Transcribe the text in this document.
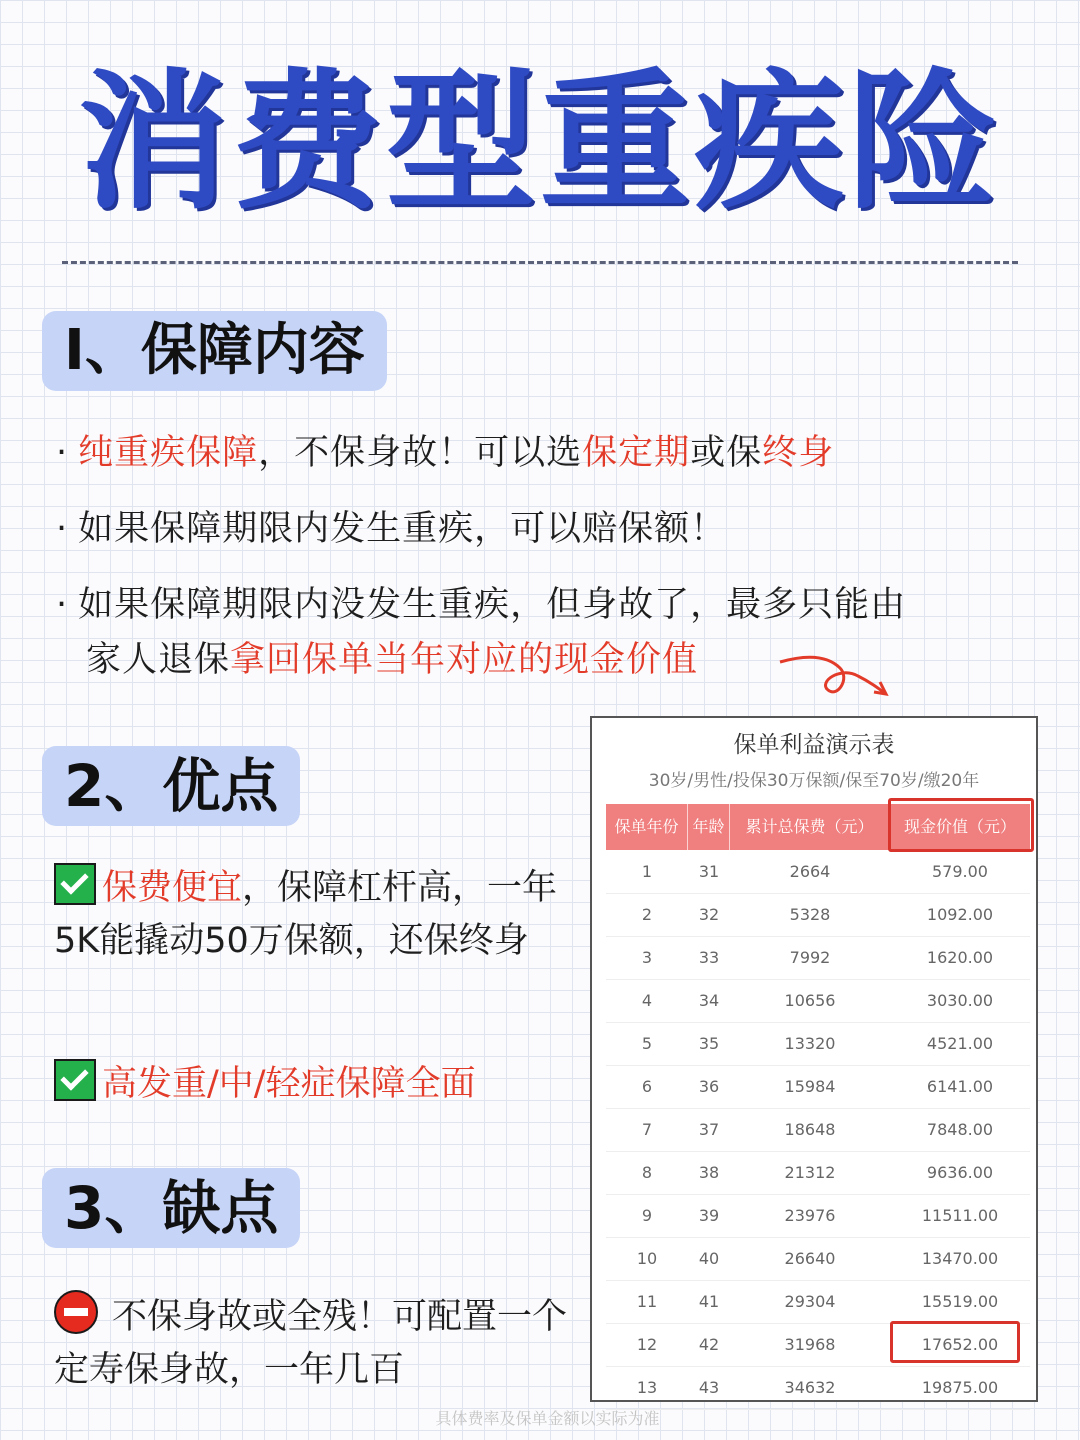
消费型重疾险
I、保障内容
· 纯重疾保障，不保身故！可以选保定期或保终身
· 如果保障期限内发生重疾，可以赔保额！
· 如果保障期限内没发生重疾，但身故了，最多只能由
家人退保拿回保单当年对应的现金价值
2、优点
保费便宜，保障杠杆高，一年5K能撬动50万保额，还保终身
高发重/中/轻症保障全面
3、缺点
不保身故或全残！可配置一个定寿保身故，一年几百
保单利益演示表
30岁/男性/投保30万保额/保至70岁/缴20年
保单年份 年龄	累计总保费（元）	现金价值（元）
1	31	2664	579.00
2	32	5328	1092.00
3	33	7992	1620.00
4	34	10656	3030.00
5	35	13320	4521.00
6	36	15984	6141.00
7	37	18648	7848.00
8	38	21312	9636.00
9	39	23976	11511.00
10	40	26640	13470.00
11	41	29304	15519.00
12	42	31968	17652.00
13	43	34632	19875.00
具体费率及保单金额以实际为准
